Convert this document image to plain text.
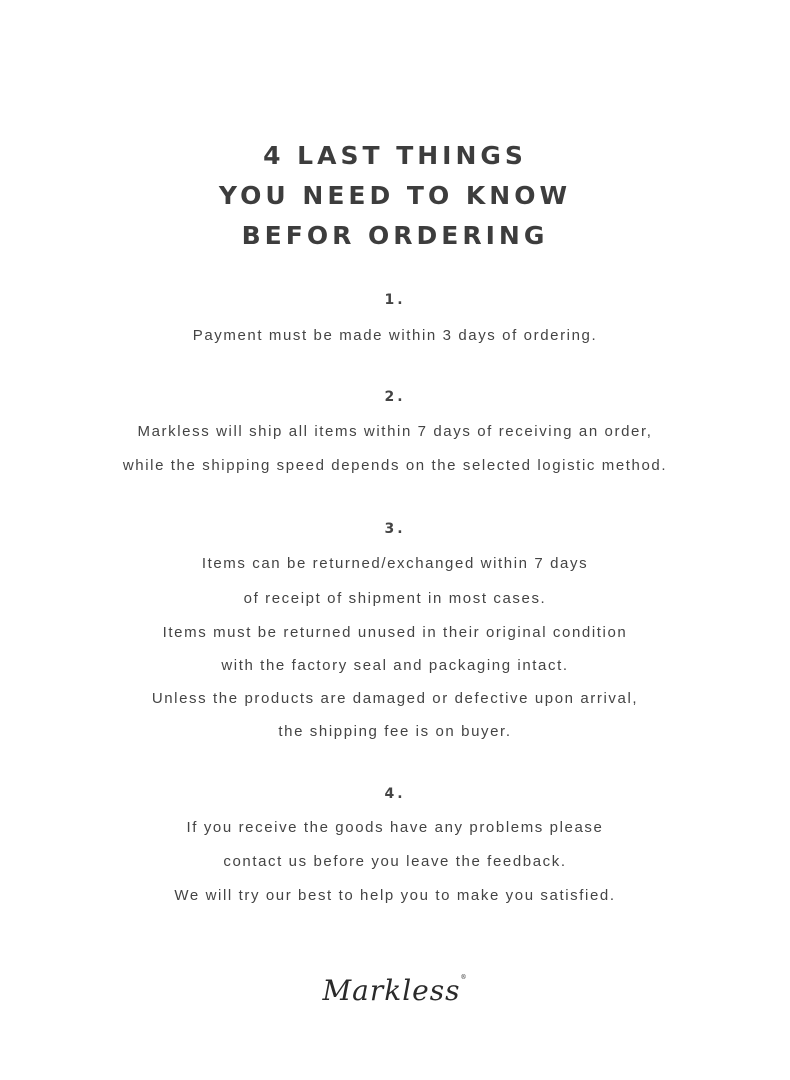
4 LAST THINGS
YOU NEED TO KNOW
BEFOR ORDERING
1.
Payment must be made within 3 days of ordering.
2.
Markless will ship all items within 7 days of receiving an order,
while the shipping speed depends on the selected logistic method.
3.
Items can be returned/exchanged within 7 days
of receipt of shipment in most cases.
Items must be returned unused in their original condition
with the factory seal and packaging intact.
Unless the products are damaged or defective upon arrival,
the shipping fee is on buyer.
4.
If you receive the goods have any problems please
contact us before you leave the feedback.
We will try our best to help you to make you satisfied.
Markless®
